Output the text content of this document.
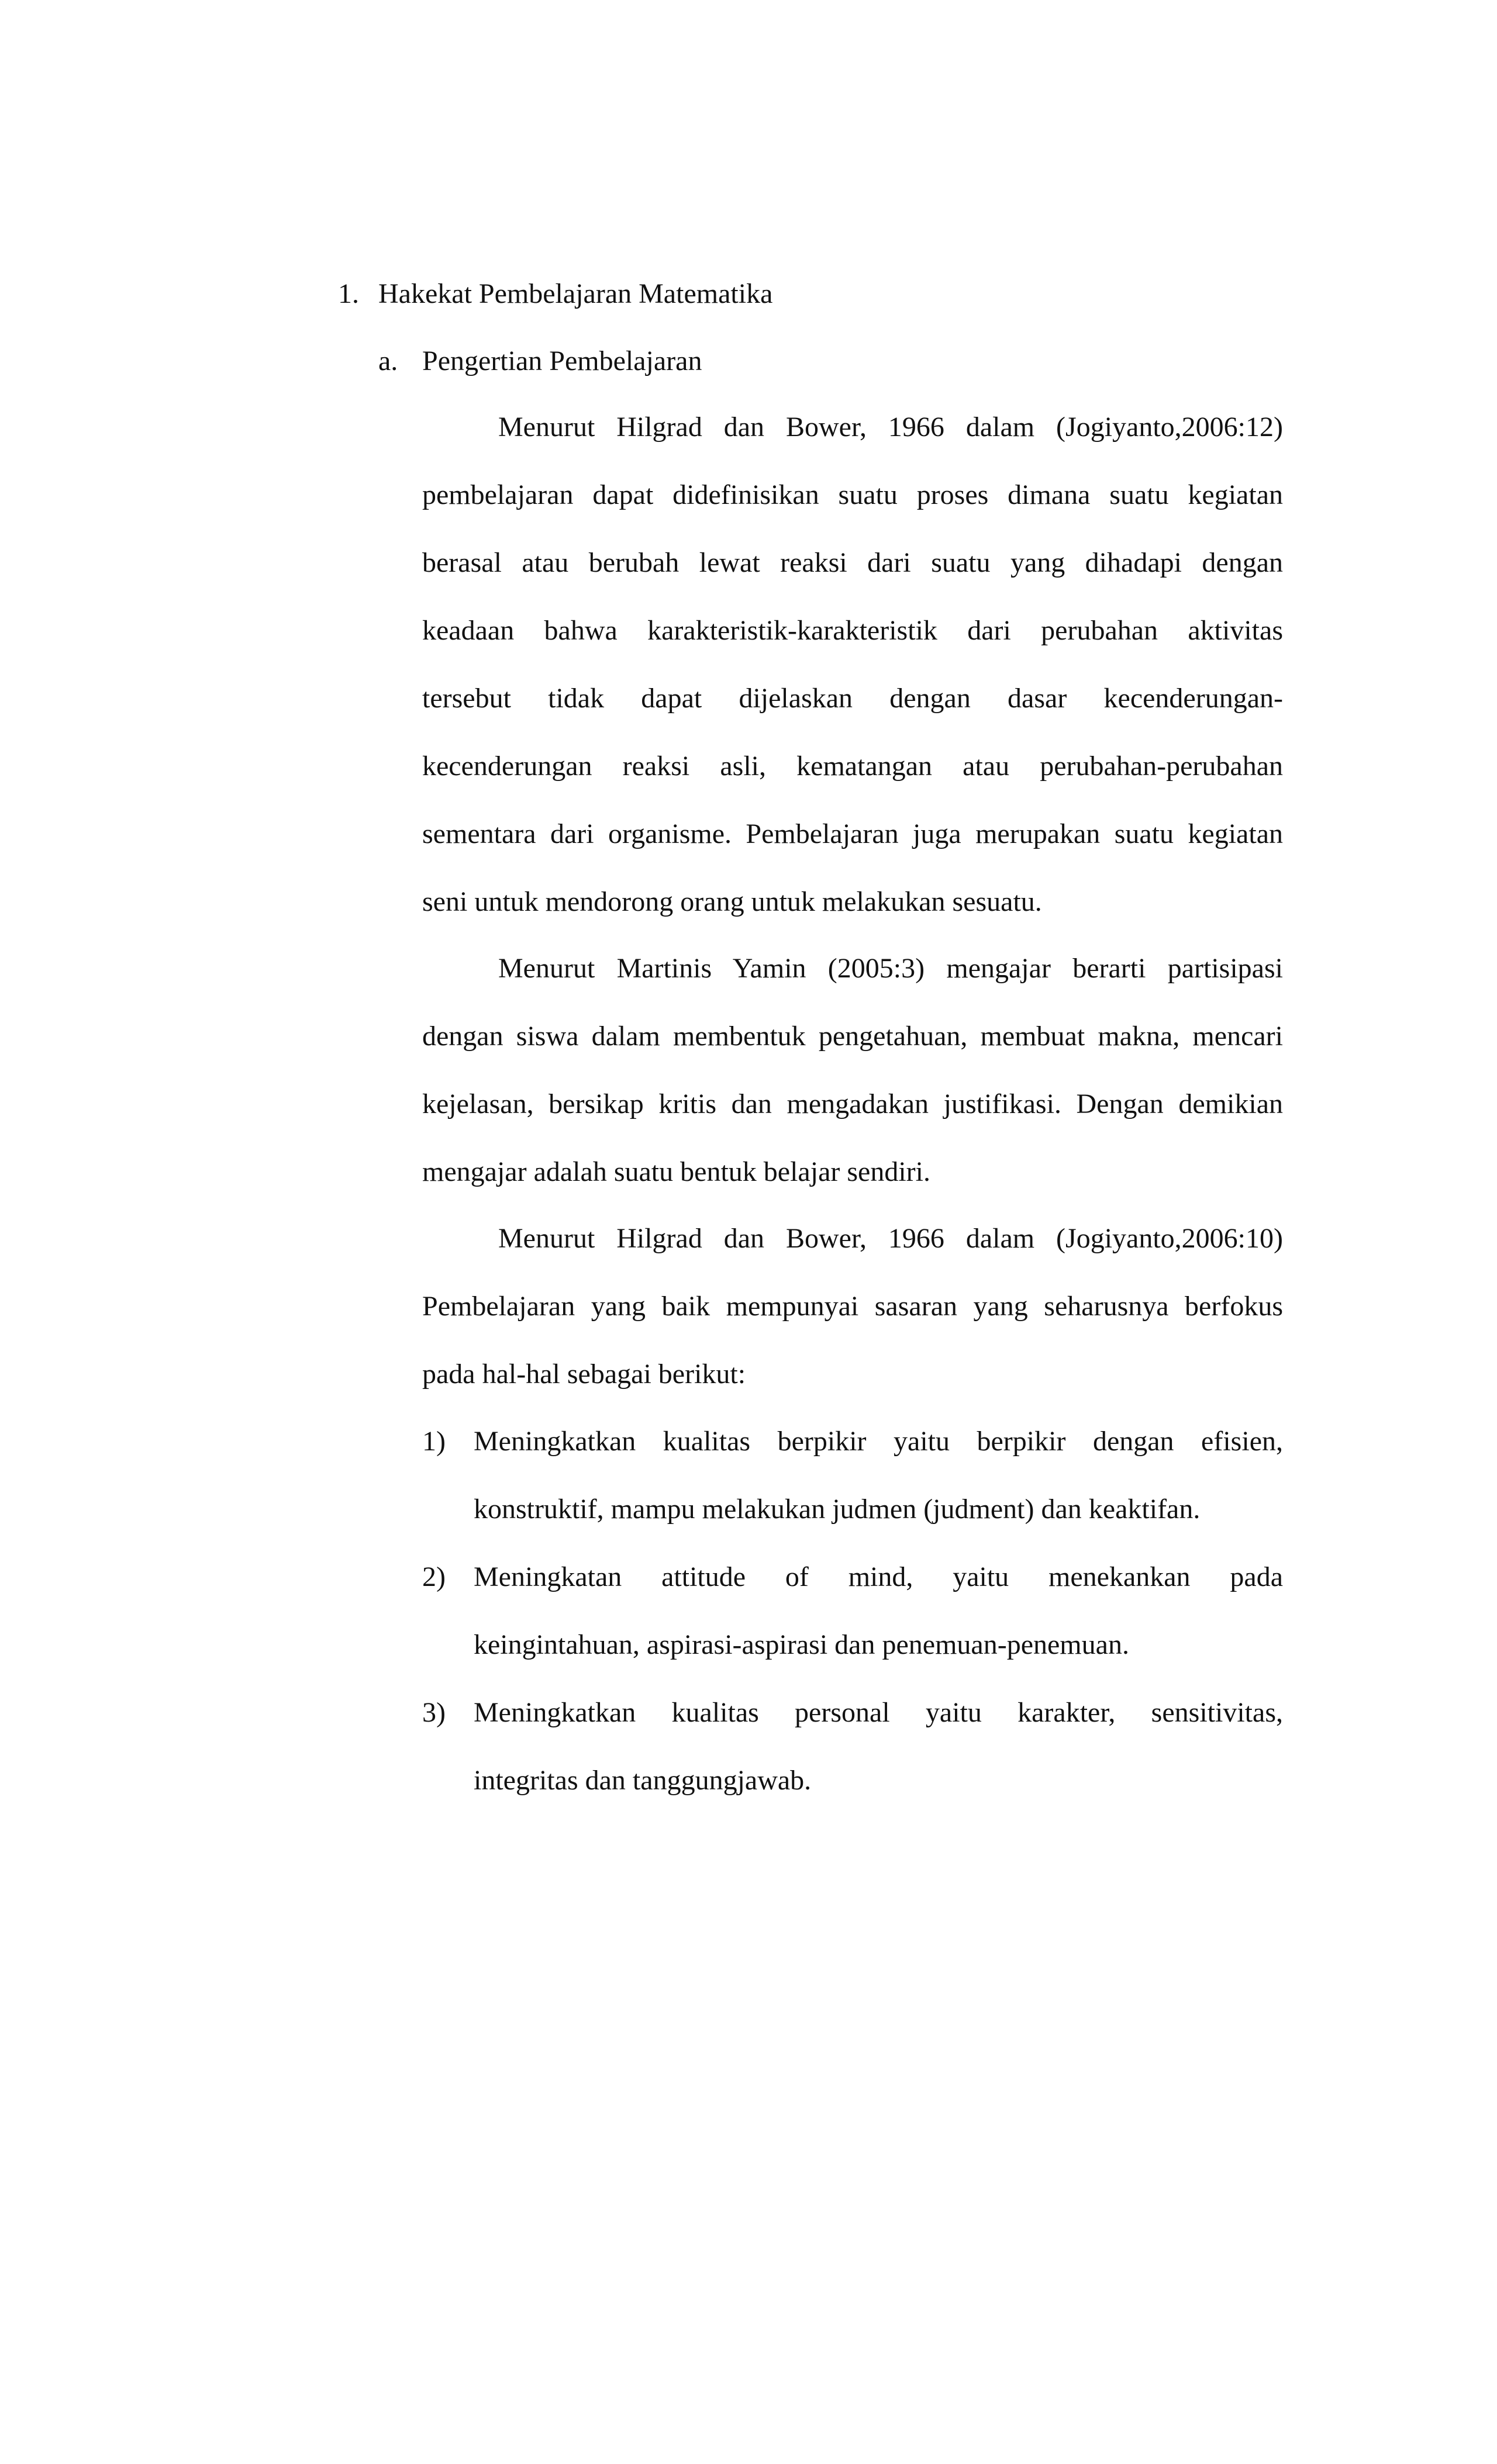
1. Hakekat Pembelajaran Matematika
a. Pengertian Pembelajaran
Menurut Hilgrad dan Bower, 1966 dalam (Jogiyanto,2006:12)
pembelajaran dapat didefinisikan suatu proses dimana suatu kegiatan
berasal atau berubah lewat reaksi dari suatu yang dihadapi dengan
keadaan bahwa karakteristik-karakteristik dari perubahan aktivitas
tersebut tidak dapat dijelaskan dengan dasar kecenderungan-
kecenderungan reaksi asli, kematangan atau perubahan-perubahan
sementara dari organisme. Pembelajaran juga merupakan suatu kegiatan
seni untuk mendorong orang untuk melakukan sesuatu.
Menurut Martinis Yamin (2005:3) mengajar berarti partisipasi
dengan siswa dalam membentuk pengetahuan, membuat makna, mencari
kejelasan, bersikap kritis dan mengadakan justifikasi. Dengan demikian
mengajar adalah suatu bentuk belajar sendiri.
Menurut Hilgrad dan Bower, 1966 dalam (Jogiyanto,2006:10)
Pembelajaran yang baik mempunyai sasaran yang seharusnya berfokus
pada hal-hal sebagai berikut:
1) Meningkatkan kualitas berpikir yaitu berpikir dengan efisien,
konstruktif, mampu melakukan judmen (judment) dan keaktifan.
2) Meningkatan attitude of mind, yaitu menekankan pada
keingintahuan, aspirasi-aspirasi dan penemuan-penemuan.
3) Meningkatkan kualitas personal yaitu karakter, sensitivitas,
integritas dan tanggungjawab.
